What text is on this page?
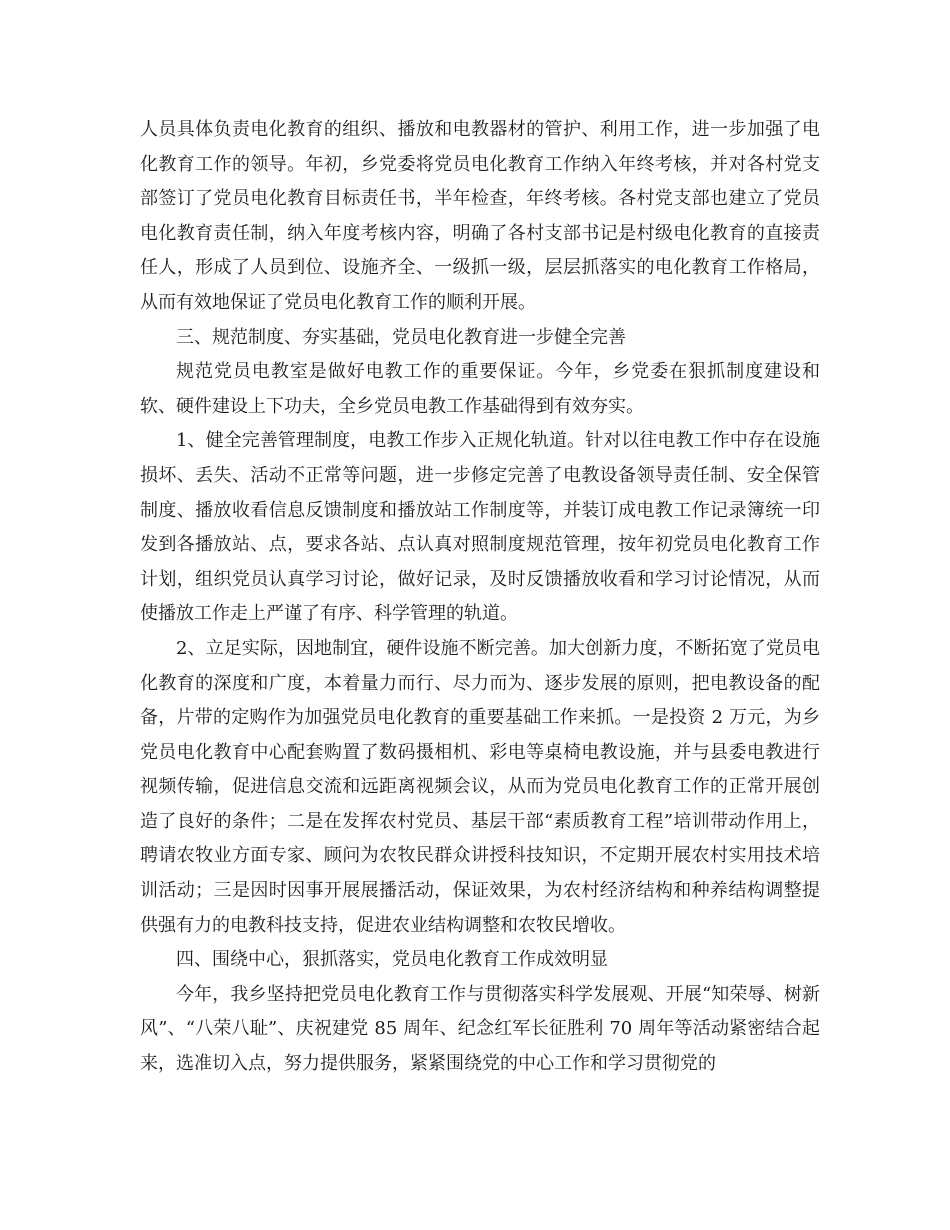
人员具体负责电化教育的组织、播放和电教器材的管护、利用工作，进一步加强了电化教育工作的领导。年初，乡党委将党员电化教育工作纳入年终考核，并对各村党支部签订了党员电化教育目标责任书，半年检查，年终考核。各村党支部也建立了党员电化教育责任制，纳入年度考核内容，明确了各村支部书记是村级电化教育的直接责任人，形成了人员到位、设施齐全、一级抓一级，层层抓落实的电化教育工作格局，从而有效地保证了党员电化教育工作的顺利开展。

三、规范制度、夯实基础，党员电化教育进一步健全完善

规范党员电教室是做好电教工作的重要保证。今年，乡党委在狠抓制度建设和软、硬件建设上下功夫，全乡党员电教工作基础得到有效夯实。

1、健全完善管理制度，电教工作步入正规化轨道。针对以往电教工作中存在设施损坏、丢失、活动不正常等问题，进一步修定完善了电教设备领导责任制、安全保管制度、播放收看信息反馈制度和播放站工作制度等，并装订成电教工作记录簿统一印发到各播放站、点，要求各站、点认真对照制度规范管理，按年初党员电化教育工作计划，组织党员认真学习讨论，做好记录，及时反馈播放收看和学习讨论情况，从而使播放工作走上严谨了有序、科学管理的轨道。

2、立足实际，因地制宜，硬件设施不断完善。加大创新力度，不断拓宽了党员电化教育的深度和广度，本着量力而行、尽力而为、逐步发展的原则，把电教设备的配备，片带的定购作为加强党员电化教育的重要基础工作来抓。一是投资 2 万元，为乡党员电化教育中心配套购置了数码摄相机、彩电等桌椅电教设施，并与县委电教进行视频传输，促进信息交流和远距离视频会议，从而为党员电化教育工作的正常开展创造了良好的条件；二是在发挥农村党员、基层干部“素质教育工程”培训带动作用上，聘请农牧业方面专家、顾问为农牧民群众讲授科技知识，不定期开展农村实用技术培训活动；三是因时因事开展展播活动，保证效果，为农村经济结构和种养结构调整提供强有力的电教科技支持，促进农业结构调整和农牧民增收。

四、围绕中心，狠抓落实，党员电化教育工作成效明显

今年，我乡坚持把党员电化教育工作与贯彻落实科学发展观、开展“知荣辱、树新风”、“八荣八耻”、庆祝建党 85 周年、纪念红军长征胜利 70 周年等活动紧密结合起来，选准切入点，努力提供服务，紧紧围绕党的中心工作和学习贯彻党的
